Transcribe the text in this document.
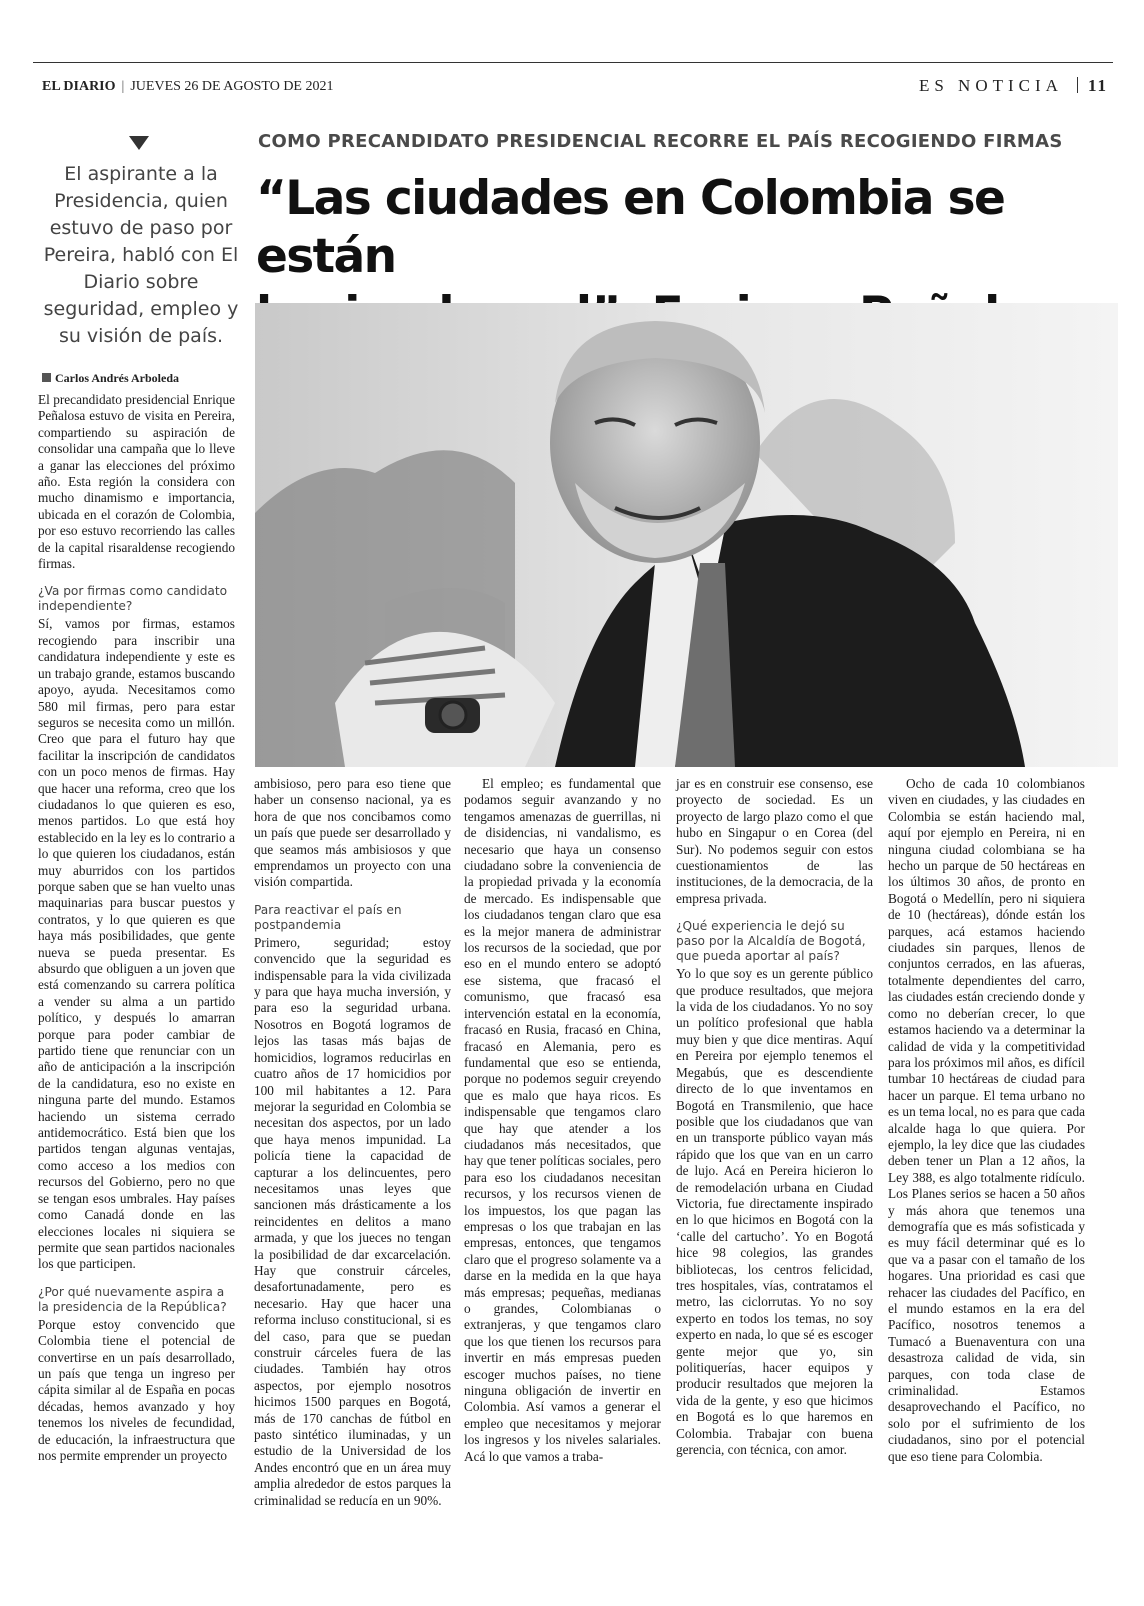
EL DIARIO | JUEVES 26 DE AGOSTO DE 2021	ES NOTICIA 11
COMO PRECANDIDATO PRESIDENCIAL RECORRE EL PAÍS RECOGIENDO FIRMAS
“Las ciudades en Colombia se están
El aspirante a la Presidencia, quien estuvo de paso por Pereira, habló con El Diario sobre seguridad, empleo y su visión de país.
Carlos Andrés Arboleda

El precandidato presidencial Enrique Peñalosa estuvo de visita en Pereira, compartiendo su aspiración de consolidar una campaña que lo lleve a ganar las elecciones del próximo año. Esta región la considera con mucho dinamismo e importancia, ubicada en el corazón de Colombia, por eso estuvo recorriendo las calles de la capital risaraldense recogiendo firmas.

¿Va por firmas como candidato independiente?

Sí, vamos por firmas, estamos recogiendo para inscribir una candidatura independiente y este es un trabajo grande, estamos buscando apoyo, ayuda. Necesitamos como 580 mil firmas, pero para estar seguros se necesita como un millón. Creo que para el futuro hay que facilitar la inscripción de candidatos con un poco menos de firmas. Hay que hacer una reforma, creo que los ciudadanos lo que quieren es eso, menos partidos. Lo que está hoy establecido en la ley es lo contrario a lo que quieren los ciudadanos, están muy aburridos con los partidos porque saben que se han vuelto unas maquinarias para buscar puestos y contratos, y lo que quieren es que haya más posibilidades, que gente nueva se pueda presentar. Es absurdo que obliguen a un joven que está comenzando su carrera política a vender su alma a un partido político, y después lo amarran porque para poder cambiar de partido tiene que renunciar con un año de anticipación a la inscripción de la candidatura, eso no existe en ninguna parte del mundo. Estamos haciendo un sistema cerrado antidemocrático. Está bien que los partidos tengan algunas ventajas, como acceso a los medios con recursos del Gobierno, pero no que se tengan esos umbrales. Hay países como Canadá donde en las elecciones locales ni siquiera se permite que sean partidos nacionales los que participen.

¿Por qué nuevamente aspira a la presidencia de la República?

Porque estoy convencido que Colombia tiene el potencial de convertirse en un país desarrollado, un país que tenga un ingreso per cápita similar al de España en pocas décadas, hemos avanzado y hoy tenemos los niveles de fecundidad, de educación, la infraestructura que nos permite emprender un proyecto

ambisioso, pero para eso tiene que haber un consenso nacional, ya es hora de que nos concibamos como un país que puede ser desarrollado y que seamos más ambisiosos y que emprendamos un proyecto con una visión compartida.

Para reactivar el país en postpandemia

Primero, seguridad; estoy convencido que la seguridad es indispensable para la vida civilizada y para que haya mucha inversión, y para eso la seguridad urbana. Nosotros en Bogotá logramos de lejos las tasas más bajas de homicidios, logramos reducirlas en cuatro años de 17 homicidios por 100 mil habitantes a 12. Para mejorar la seguridad en Colombia se necesitan dos aspectos, por un lado que haya menos impunidad. La policía tiene la capacidad de capturar a los delincuentes, pero necesitamos unas leyes que sancionen más drásticamente a los reincidentes en delitos a mano armada, y que los jueces no tengan la posibilidad de dar excarcelación. Hay que construir cárceles, desafortunadamente, pero es necesario. Hay que hacer una reforma incluso constitucional, si es del caso, para que se puedan construir cárceles fuera de las ciudades. También hay otros aspectos, por ejemplo nosotros hicimos 1500 parques en Bogotá, más de 170 canchas de fútbol en pasto sintético iluminadas, y un estudio de la Universidad de los Andes encontró que en un área muy amplia alrededor de estos parques la criminalidad se reducía en un 90%.

El empleo; es fundamental que podamos seguir avanzando y no tengamos amenazas de guerrillas, ni de disidencias, ni vandalismo, es necesario que haya un consenso ciudadano sobre la conveniencia de la propiedad privada y la economía de mercado. Es indispensable que los ciudadanos tengan claro que esa es la mejor manera de administrar los recursos de la sociedad, que por eso en el mundo entero se adoptó ese sistema, que fracasó el comunismo, que fracasó esa intervención estatal en la economía, fracasó en Rusia, fracasó en China, fracasó en Alemania, pero es fundamental que eso se entienda, porque no podemos seguir creyendo que es malo que haya ricos. Es indispensable que tengamos claro que hay que atender a los ciudadanos más necesitados, que hay que tener políticas sociales, pero para eso los ciudadanos necesitan recursos, y los recursos vienen de los impuestos, los que pagan las empresas o los que trabajan en las empresas, entonces, que tengamos claro que el progreso solamente va a darse en la medida en la que haya más empresas; pequeñas, medianas o grandes, Colombianas o extranjeras, y que tengamos claro que los que tienen los recursos para invertir en más empresas pueden escoger muchos países, no tiene ninguna obligación de invertir en Colombia. Así vamos a generar el empleo que necesitamos y mejorar los ingresos y los niveles salariales. Acá lo que vamos a traba-

jar es en construir ese consenso, ese proyecto de sociedad. Es un proyecto de largo plazo como el que hubo en Singapur o en Corea (del Sur). No podemos seguir con estos cuestionamientos de las instituciones, de la democracia, de la empresa privada.

¿Qué experiencia le dejó su paso por la Alcaldía de Bogotá, que pueda aportar al país?

Yo lo que soy es un gerente público que produce resultados, que mejora la vida de los ciudadanos. Yo no soy un político profesional que habla muy bien y que dice mentiras. Aquí en Pereira por ejemplo tenemos el Megabús, que es descendiente directo de lo que inventamos en Bogotá en Transmilenio, que hace posible que los ciudadanos que van en un transporte público vayan más rápido que los que van en un carro de lujo. Acá en Pereira hicieron lo de remodelación urbana en Ciudad Victoria, fue directamente inspirado en lo que hicimos en Bogotá con la ‘calle del cartucho’. Yo en Bogotá hice 98 colegios, las grandes bibliotecas, los centros felicidad, tres hospitales, vías, contratamos el metro, las ciclorrutas. Yo no soy experto en todos los temas, no soy experto en nada, lo que sé es escoger gente mejor que yo, sin politiquerías, hacer equipos y producir resultados que mejoren la vida de la gente, y eso que hicimos en Bogotá es lo que haremos en Colombia. Trabajar con buena gerencia, con técnica, con amor.

Ocho de cada 10 colombianos viven en ciudades, y las ciudades en Colombia se están haciendo mal, aquí por ejemplo en Pereira, ni en ninguna ciudad colombiana se ha hecho un parque de 50 hectáreas en los últimos 30 años, de pronto en Bogotá o Medellín, pero ni siquiera de 10 (hectáreas), dónde están los parques, acá estamos haciendo ciudades sin parques, llenos de conjuntos cerrados, en las afueras, totalmente dependientes del carro, las ciudades están creciendo donde y como no deberían crecer, lo que estamos haciendo va a determinar la calidad de vida y la competitividad para los próximos mil años, es difícil tumbar 10 hectáreas de ciudad para hacer un parque. El tema urbano no es un tema local, no es para que cada alcalde haga lo que quiera. Por ejemplo, la ley dice que las ciudades deben tener un Plan a 12 años, la Ley 388, es algo totalmente ridículo. Los Planes serios se hacen a 50 años y más ahora que tenemos una demografía que es más sofisticada y es muy fácil determinar qué es lo que va a pasar con el tamaño de los hogares. Una prioridad es casi que rehacer las ciudades del Pacífico, en el mundo estamos en la era del Pacífico, nosotros tenemos a Tumacó a Buenaventura con una desastroza calidad de vida, sin parques, con toda clase de criminalidad. Estamos desaprovechando el Pacífico, no solo por el sufrimiento de los ciudadanos, sino por el potencial que eso tiene para Colombia.
